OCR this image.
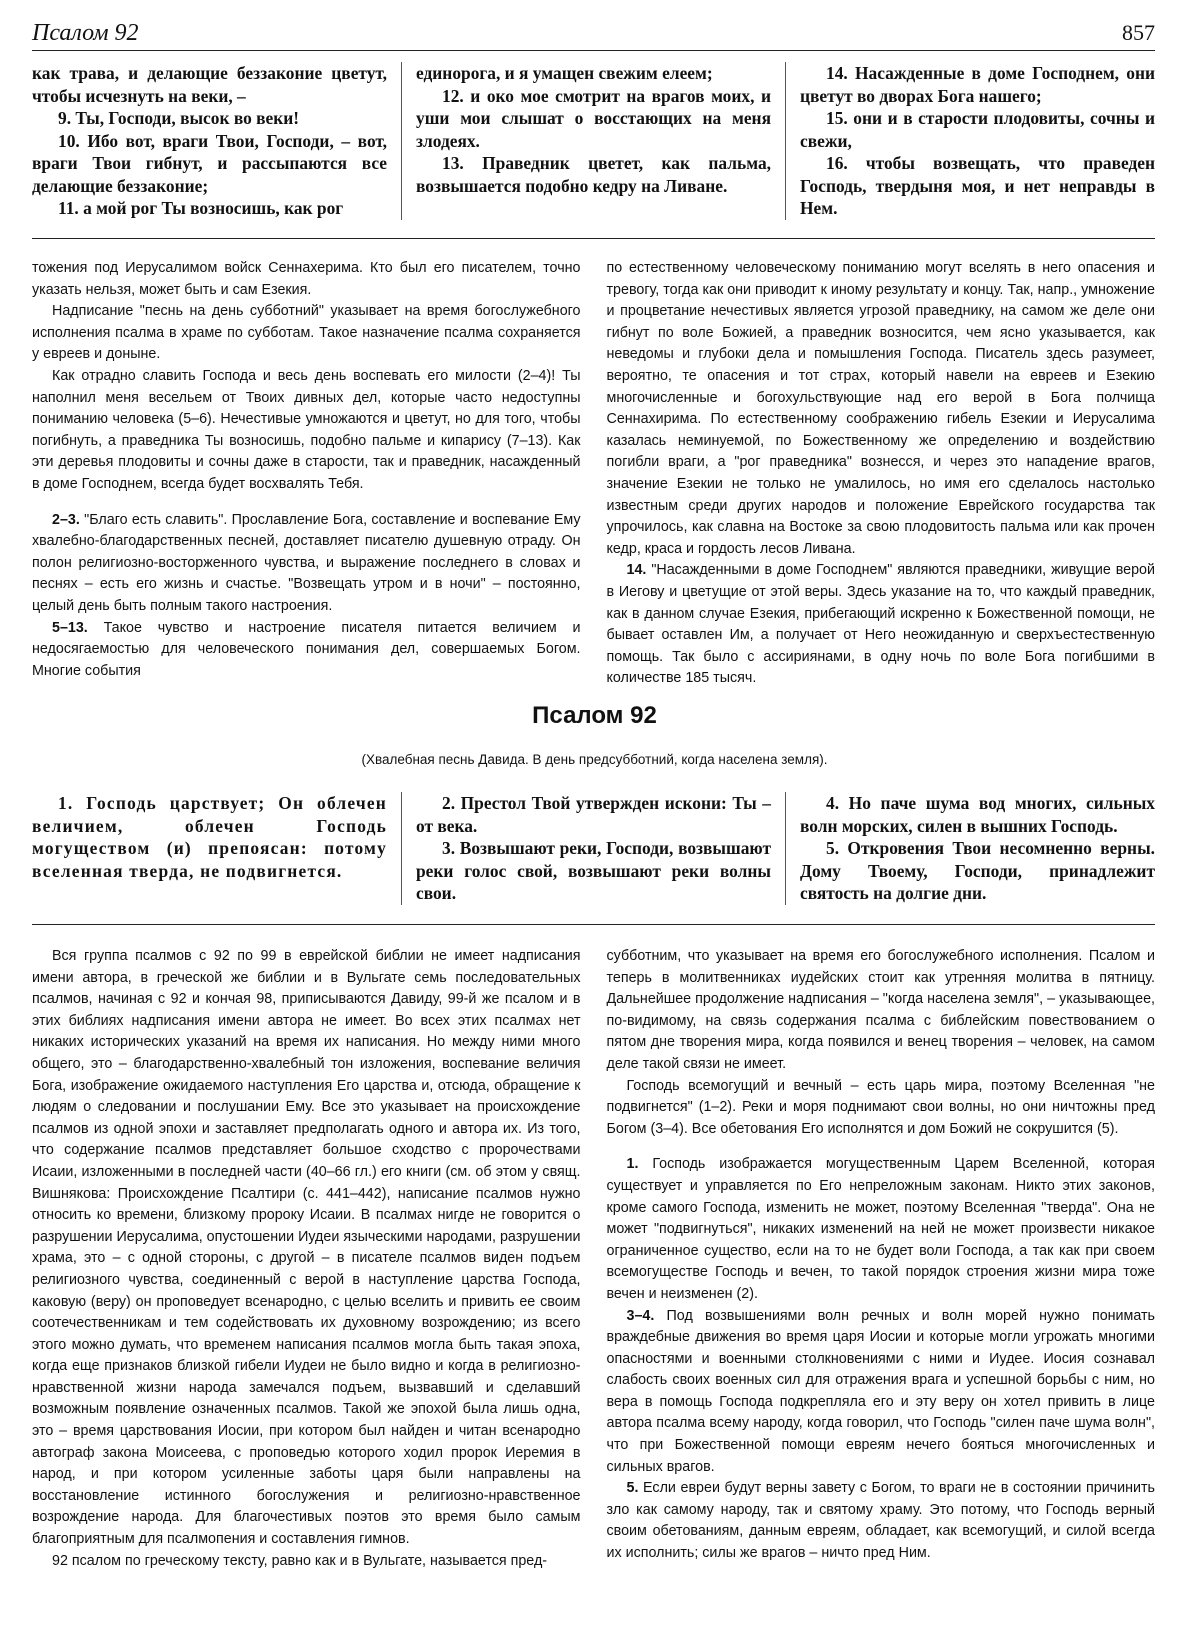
Псалом 92	857

как трава, и делающие беззаконие цветут, чтобы исчезнуть на веки, –

9. Ты, Господи, высок во веки!

10. Ибо вот, враги Твои, Господи, – вот, враги Твои гибнут, и рассыпаются все делающие беззаконие;

11. а мой рог Ты возносишь, как рог

единорога, и я умащен свежим елеем;

12. и око мое смотрит на врагов моих, и уши мои слышат о восстающих на меня злодеях.

13. Праведник цветет, как пальма, возвышается подобно кедру на Ливане.

14. Насажденные в доме Господнем, они цветут во дворах Бога нашего;

15. они и в старости плодовиты, сочны и свежи,

16. чтобы возвещать, что праведен Господь, твердыня моя, и нет неправды в Нем.

тожения под Иерусалимом войск Сеннахерима. Кто был его писателем, точно указать нельзя, может быть и сам Езекия.

Надписание "песнь на день субботний" указывает на время богослужебного исполнения псалма в храме по субботам. Такое назначение псалма сохраняется у евреев и доныне.

Как отрадно славить Господа и весь день воспевать его милости (2–4)! Ты наполнил меня весельем от Твоих дивных дел, которые часто недоступны пониманию человека (5–6). Нечестивые умножаются и цветут, но для того, чтобы погибнуть, а праведника Ты возносишь, подобно пальме и кипарису (7–13). Как эти деревья плодовиты и сочны даже в старости, так и праведник, насажденный в доме Господнем, всегда будет восхвалять Тебя.

2–3. "Благо есть славить". Прославление Бога, составление и воспевание Ему хвалебно-благодарственных песней, доставляет писателю душевную отраду. Он полон религиозно-восторженного чувства, и выражение последнего в словах и песнях – есть его жизнь и счастье. "Возвещать утром и в ночи" – постоянно, целый день быть полным такого настроения.

5–13. Такое чувство и настроение писателя питается величием и недосягаемостью для человеческого понимания дел, совершаемых Богом. Многие события

по естественному человеческому пониманию могут вселять в него опасения и тревогу, тогда как они приводит к иному результату и концу. Так, напр., умножение и процветание нечестивых является угрозой праведнику, на самом же деле они гибнут по воле Божией, а праведник возносится, чем ясно указывается, как неведомы и глубоки дела и помышления Господа. Писатель здесь разумеет, вероятно, те опасения и тот страх, который навели на евреев и Езекию многочисленные и богохульствующие над его верой в Бога полчища Сеннахирима. По естественному соображению гибель Езекии и Иерусалима казалась неминуемой, по Божественному же определению и воздействию погибли враги, а "рог праведника" вознесся, и через это нападение врагов, значение Езекии не только не умалилось, но имя его сделалось настолько известным среди других народов и положение Еврейского государства так упрочилось, как славна на Востоке за свою плодовитость пальма или как прочен кедр, краса и гордость лесов Ливана.

14. "Насажденными в доме Господнем" являются праведники, живущие верой в Иегову и цветущие от этой веры. Здесь указание на то, что каждый праведник, как в данном случае Езекия, прибегающий искренно к Божественной помощи, не бывает оставлен Им, а получает от Него неожиданную и сверхъестественную помощь. Так было с ассириянами, в одну ночь по воле Бога погибшими в количестве 185 тысяч.

Псалом 92
(Хвалебная песнь Давида. В день предсубботний, когда населена земля).

1. Господь царствует; Он облечен величием, облечен Господь могуществом (и) препоясан: потому вселенная тверда, не подвигнется.

2. Престол Твой утвержден искони: Ты – от века.

3. Возвышают реки, Господи, возвышают реки голос свой, возвышают реки волны свои.

4. Но паче шума вод многих, сильных волн морских, силен в вышних Господь.

5. Откровения Твои несомненно верны. Дому Твоему, Господи, принадлежит святость на долгие дни.

Вся группа псалмов с 92 по 99 в еврейской библии не имеет надписания имени автора, в греческой же библии и в Вульгате семь последовательных псалмов, начиная с 92 и кончая 98, приписываются Давиду, 99-й же псалом и в этих библиях надписания имени автора не имеет. Во всех этих псалмах нет никаких исторических указаний на время их написания. Но между ними много общего, это – благодарственно-хвалебный тон изложения, воспевание величия Бога, изображение ожидаемого наступления Его царства и, отсюда, обращение к людям о следовании и послушании Ему. Все это указывает на происхождение псалмов из одной эпохи и заставляет предполагать одного и автора их. Из того, что содержание псалмов представляет большое сходство с пророчествами Исаии, изложенными в последней части (40–66 гл.) его книги (см. об этом у свящ. Вишнякова: Происхождение Псалтири (с. 441–442), написание псалмов нужно относить ко времени, близкому пророку Исаии. В псалмах нигде не говорится о разрушении Иерусалима, опустошении Иудеи языческими народами, разрушении храма, это – с одной стороны, с другой – в писателе псалмов виден подъем религиозного чувства, соединенный с верой в наступление царства Господа, каковую (веру) он проповедует всенародно, с целью вселить и привить ее своим соотечественникам и тем содействовать их духовному возрождению; из всего этого можно думать, что временем написания псалмов могла быть такая эпоха, когда еще признаков близкой гибели Иудеи не было видно и когда в религиозно-нравственной жизни народа замечался подъем, вызвавший и сделавший возможным появление означенных псалмов. Такой же эпохой была лишь одна, это – время царствования Иосии, при котором был найден и читан всенародно автограф закона Моисеева, с проповедью которого ходил пророк Иеремия в народ, и при котором усиленные заботы царя были направлены на восстановление истинного богослужения и религиозно-нравственное возрождение народа. Для благочестивых поэтов это время было самым благоприятным для псалмопения и составления гимнов.

92 псалом по греческому тексту, равно как и в Вульгате, называется пред-

субботним, что указывает на время его богослужебного исполнения. Псалом и теперь в молитвенниках иудейских стоит как утренняя молитва в пятницу. Дальнейшее продолжение надписания – "когда населена земля", – указывающее, по-видимому, на связь содержания псалма с библейским повествованием о пятом дне творения мира, когда появился и венец творения – человек, на самом деле такой связи не имеет.

Господь всемогущий и вечный – есть царь мира, поэтому Вселенная "не подвигнется" (1–2). Реки и моря поднимают свои волны, но они ничтожны пред Богом (3–4). Все обетования Его исполнятся и дом Божий не сокрушится (5).

1. Господь изображается могущественным Царем Вселенной, которая существует и управляется по Его непреложным законам. Никто этих законов, кроме самого Господа, изменить не может, поэтому Вселенная "тверда". Она не может "подвигнуться", никаких изменений на ней не может произвести никакое ограниченное существо, если на то не будет воли Господа, а так как при своем всемогуществе Господь и вечен, то такой порядок строения жизни мира тоже вечен и неизменен (2).

3–4. Под возвышениями волн речных и волн морей нужно понимать враждебные движения во время царя Иосии и которые могли угрожать многими опасностями и военными столкновениями с ними и Иудее. Иосия сознавал слабость своих военных сил для отражения врага и успешной борьбы с ним, но вера в помощь Господа подкрепляла его и эту веру он хотел привить в лице автора псалма всему народу, когда говорил, что Господь "силен паче шума волн", что при Божественной помощи евреям нечего бояться многочисленных и сильных врагов.

5. Если евреи будут верны завету с Богом, то враги не в состоянии причинить зло как самому народу, так и святому храму. Это потому, что Господь верный своим обетованиям, данным евреям, обладает, как всемогущий, и силой всегда их исполнить; силы же врагов – ничто пред Ним.
